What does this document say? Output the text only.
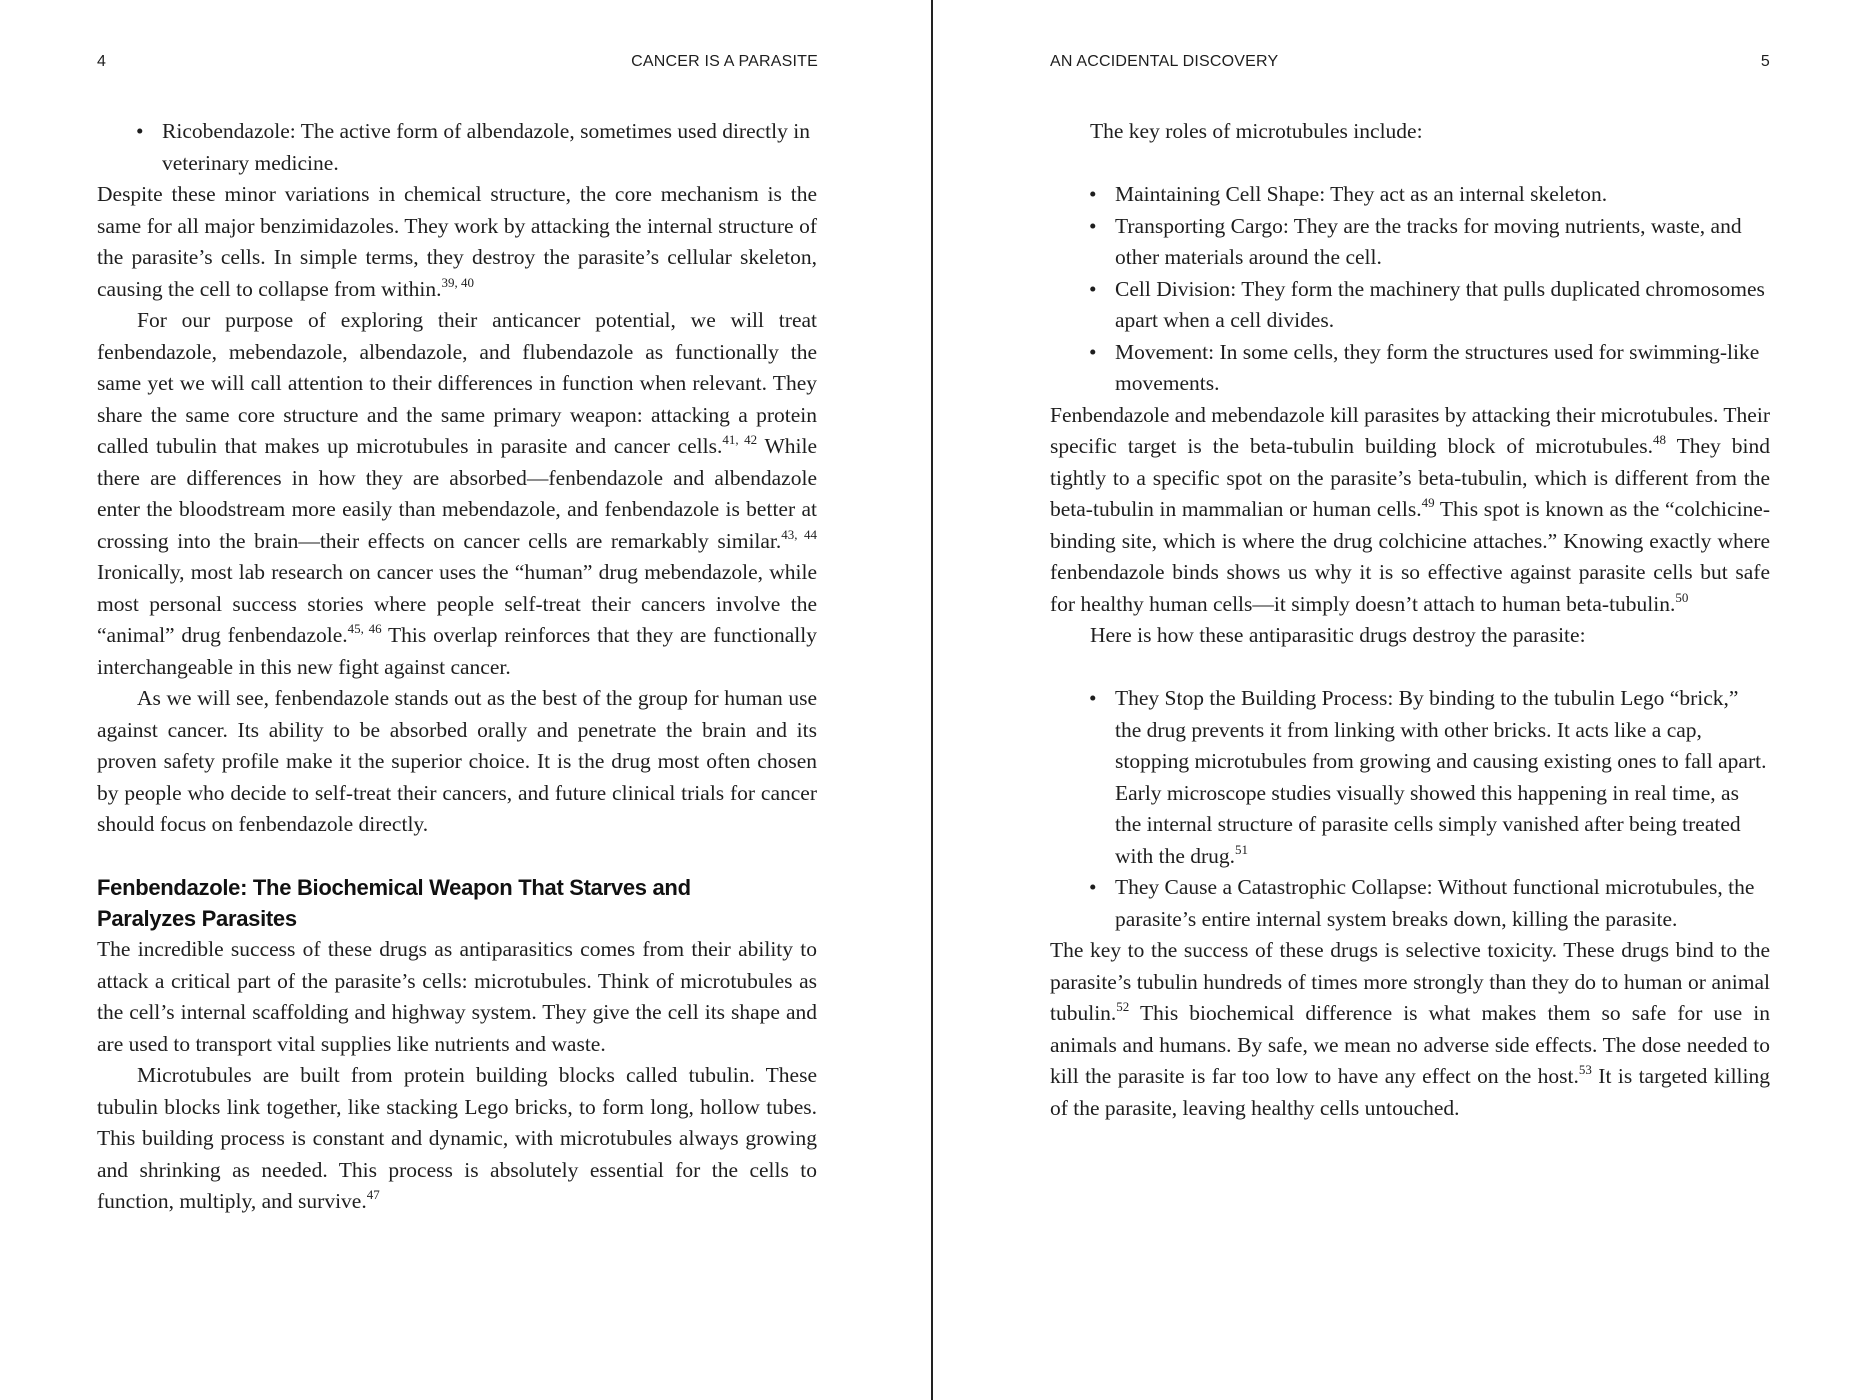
4	CANCER IS A PARASITE
• Ricobendazole: The active form of albendazole, sometimes used directly in veterinary medicine.

Despite these minor variations in chemical structure, the core mechanism is the same for all major benzimidazoles. They work by attacking the internal structure of the parasite’s cells. In simple terms, they destroy the parasite’s cellular skeleton, causing the cell to collapse from within.$^{39, 40}$

For our purpose of exploring their anticancer potential, we will treat fenbendazole, mebendazole, albendazole, and flubendazole as functionally the same yet we will call attention to their differences in function when relevant. They share the same core structure and the same primary weapon: attacking a protein called tubulin that makes up microtubules in parasite and cancer cells.$^{41, 42}$ While there are differences in how they are absorbed—fenbendazole and albendazole enter the bloodstream more easily than mebendazole, and fenbendazole is better at crossing into the brain—their effects on cancer cells are remarkably similar.$^{43, 44}$ Ironically, most lab research on cancer uses the “human” drug mebendazole, while most personal success stories where people self-treat their cancers involve the “animal” drug fenbendazole.$^{45, 46}$ This overlap reinforces that they are functionally interchangeable in this new fight against cancer.

As we will see, fenbendazole stands out as the best of the group for human use against cancer. Its ability to be absorbed orally and penetrate the brain and its proven safety profile make it the superior choice. It is the drug most often chosen by people who decide to self-treat their cancers, and future clinical trials for cancer should focus on fenbendazole directly.

Fenbendazole: The Biochemical Weapon That Starves and
Paralyzes Parasites

The incredible success of these drugs as antiparasitics comes from their ability to attack a critical part of the parasite’s cells: microtubules. Think of microtubules as the cell’s internal scaffolding and highway system. They give the cell its shape and are used to transport vital supplies like nutrients and waste.

Microtubules are built from protein building blocks called tubulin. These tubulin blocks link together, like stacking Lego bricks, to form long, hollow tubes. This building process is constant and dynamic, with microtubules always growing and shrinking as needed. This process is absolutely essential for the cells to function, multiply, and survive.$^{47}$

AN ACCIDENTAL DISCOVERY	5

The key roles of microtubules include:

• Maintaining Cell Shape: They act as an internal skeleton.
• Transporting Cargo: They are the tracks for moving nutrients, waste, and other materials around the cell.
• Cell Division: They form the machinery that pulls duplicated chromosomes apart when a cell divides.
• Movement: In some cells, they form the structures used for swimming-like movements.

Fenbendazole and mebendazole kill parasites by attacking their microtubules. Their specific target is the beta-tubulin building block of microtubules.$^{48}$ They bind tightly to a specific spot on the parasite’s beta-tubulin, which is different from the beta-tubulin in mammalian or human cells.$^{49}$ This spot is known as the “colchicine-binding site, which is where the drug colchicine attaches.” Knowing exactly where fenbendazole binds shows us why it is so effective against parasite cells but safe for healthy human cells—it simply doesn’t attach to human beta-tubulin.$^{50}$

Here is how these antiparasitic drugs destroy the parasite:

• They Stop the Building Process: By binding to the tubulin Lego “brick,” the drug prevents it from linking with other bricks. It acts like a cap, stopping microtubules from growing and causing existing ones to fall apart. Early microscope studies visually showed this happening in real time, as the internal structure of parasite cells simply vanished after being treated with the drug.$^{51}$
• They Cause a Catastrophic Collapse: Without functional microtubules, the parasite’s entire internal system breaks down, killing the parasite.

The key to the success of these drugs is selective toxicity. These drugs bind to the parasite’s tubulin hundreds of times more strongly than they do to human or animal tubulin.$^{52}$ This biochemical difference is what makes them so safe for use in animals and humans. By safe, we mean no adverse side effects. The dose needed to kill the parasite is far too low to have any effect on the host.$^{53}$ It is targeted killing of the parasite, leaving healthy cells untouched.
